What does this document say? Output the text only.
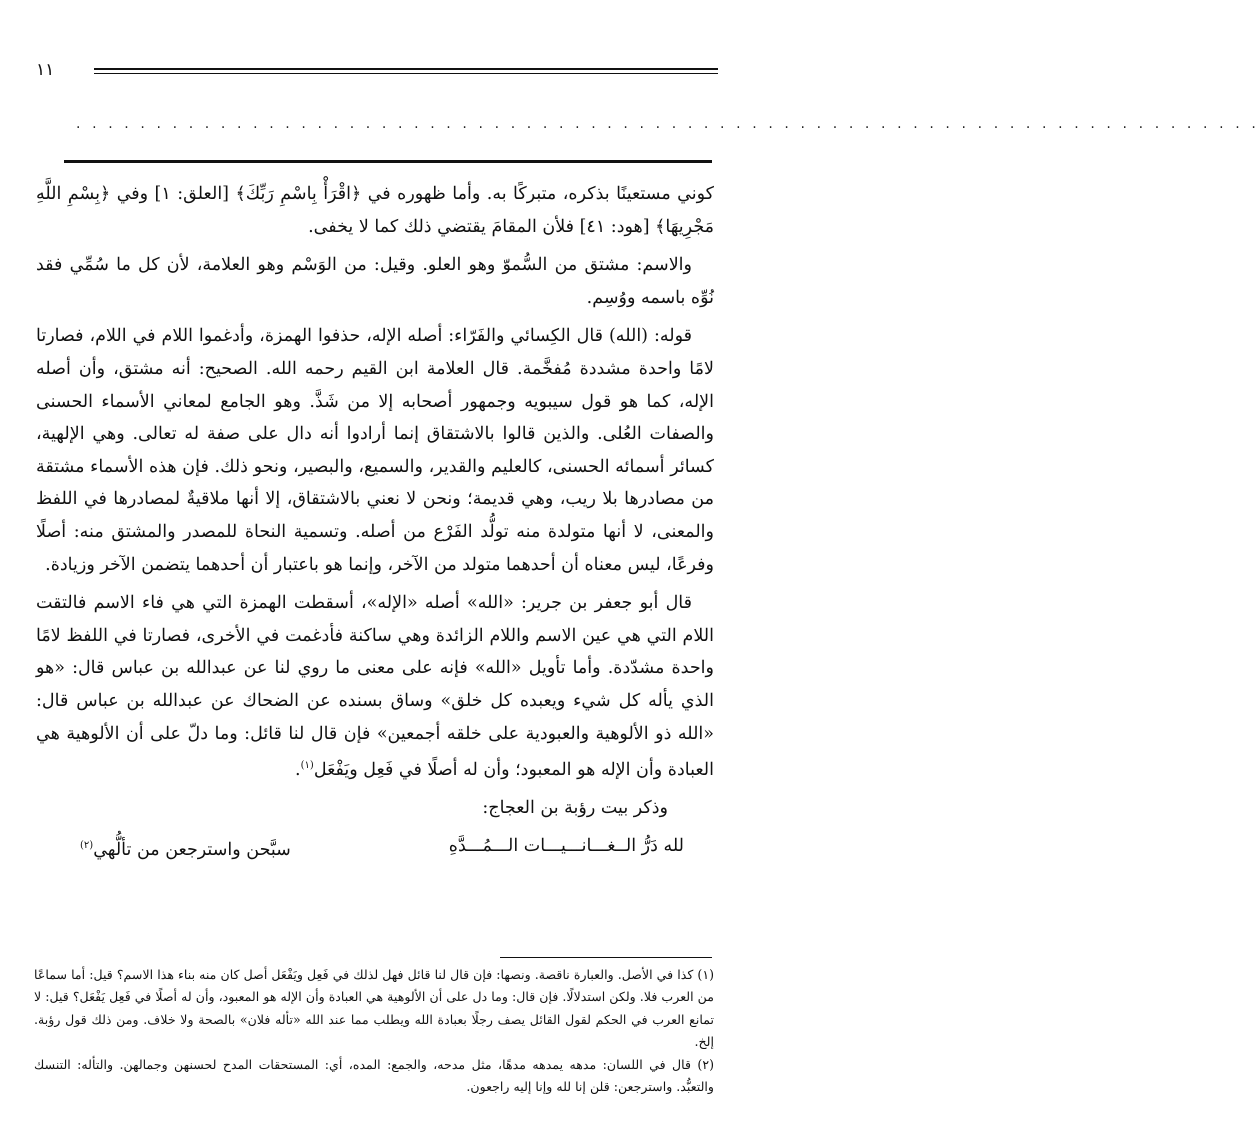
١١
. . . . . . . . . . . . . . . . . . . . . . . . . . . . . . . . . . . . . . . . . . . . . . . . . . . . . . . . . . . . . . . . . . . . . . . . . .

كوني مستعينًا بذكره، متبركًا به. وأما ظهوره في ﴿اقْرَأْ بِاسْمِ رَبِّكَ﴾ [العلق: ١] وفي ﴿بِسْمِ اللَّهِ مَجْرِيهَا﴾ [هود: ٤١] فلأن المقامَ يقتضي ذلك كما لا يخفى.

والاسم: مشتق من السُّموّ وهو العلو. وقيل: من الوَسْم وهو العلامة، لأن كل ما سُمِّي فقد نُوِّه باسمه ووُسِم.

قوله: (الله) قال الكِسائي والفَرّاء: أصله الإله، حذفوا الهمزة، وأدغموا اللام في اللام، فصارتا لامًا واحدة مشددة مُفخَّمة. قال العلامة ابن القيم رحمه الله. الصحيح: أنه مشتق، وأن أصله الإله، كما هو قول سيبويه وجمهور أصحابه إلا من شَذَّ. وهو الجامع لمعاني الأسماء الحسنى والصفات العُلى. والذين قالوا بالاشتقاق إنما أرادوا أنه دال على صفة له تعالى. وهي الإلهية، كسائر أسمائه الحسنى، كالعليم والقدير، والسميع، والبصير، ونحو ذلك. فإن هذه الأسماء مشتقة من مصادرها بلا ريب، وهي قديمة؛ ونحن لا نعني بالاشتقاق، إلا أنها ملاقيةٌ لمصادرها في اللفظ والمعنى، لا أنها متولدة منه تولُّد الفَرْع من أصله. وتسمية النحاة للمصدر والمشتق منه: أصلًا وفرعًا، ليس معناه أن أحدهما متولد من الآخر، وإنما هو باعتبار أن أحدهما يتضمن الآخر وزيادة.

قال أبو جعفر بن جرير: «الله» أصله «الإله»، أسقطت الهمزة التي هي فاء الاسم فالتقت اللام التي هي عين الاسم واللام الزائدة وهي ساكنة فأدغمت في الأخرى، فصارتا في اللفظ لامًا واحدة مشدّدة. وأما تأويل «الله» فإنه على معنى ما روي لنا عن عبدالله بن عباس قال: «هو الذي يأله كل شيء ويعبده كل خلق» وساق بسنده عن الضحاك عن عبدالله بن عباس قال: «الله ذو الألوهية والعبودية على خلقه أجمعين» فإن قال لنا قائل: وما دلّ على أن الألوهية هي العبادة وأن الإله هو المعبود؛ وأن له أصلًا في فَعِل ويَفْعَل$^{(١)}$.

وذكر بيت رؤبة بن العجاج:

لله دَرُّ الــغـــانـــيـــات الـــمُـــدَّهِ
سبَّحن واسترجعن من تألُّهي$^{(٢)}$

(١) كذا في الأصل. والعبارة ناقصة. ونصها: فإن قال لنا قائل فهل لذلك في فَعِل ويَفْعَل أصل كان منه بناء هذا الاسم؟ قيل: أما سماعًا من العرب فلا. ولكن استدلالًا. فإن قال: وما دل على أن الألوهية هي العبادة وأن الإله هو المعبود، وأن له أصلًا في فَعِل يَفْعَل؟ قيل: لا تمانع العرب في الحكم لقول القائل يصف رجلًا بعبادة الله ويطلب مما عند الله «تأله فلان» بالصحة ولا خلاف. ومن ذلك قول رؤبة. إلخ.

(٢) قال في اللسان: مدهه يمدهه مدهًا، مثل مدحه، والجمع: المده، أي: المستحقات المدح لحسنهن وجمالهن. والتأله: التنسك والتعبُّد. واسترجعن: قلن إنا لله وإنا إليه راجعون.
